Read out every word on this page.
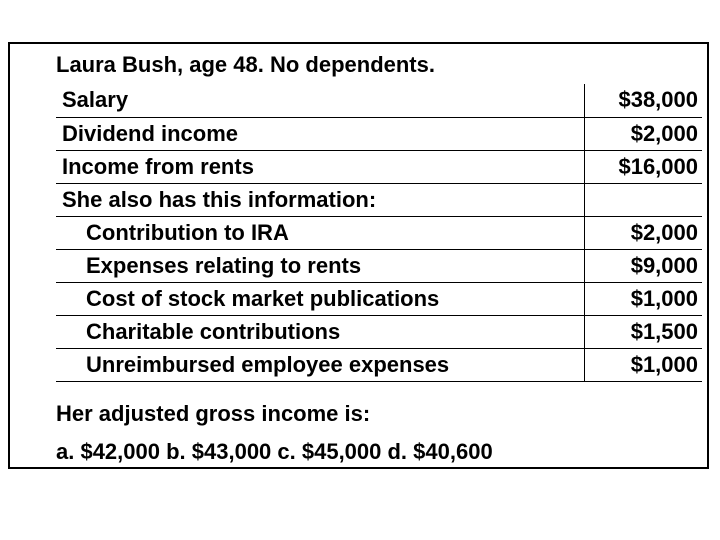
Laura Bush, age 48. No dependents.
Salary	$38,000
Dividend income	$2,000
Income from rents	$16,000
She also has this information:	
Contribution to IRA	$2,000
Expenses relating to rents	$9,000
Cost of stock market publications	$1,000
Charitable contributions	$1,500
Unreimbursed employee expenses	$1,000
Her adjusted gross income is:
a. $42,000 b. $43,000 c. $45,000 d. $40,600
